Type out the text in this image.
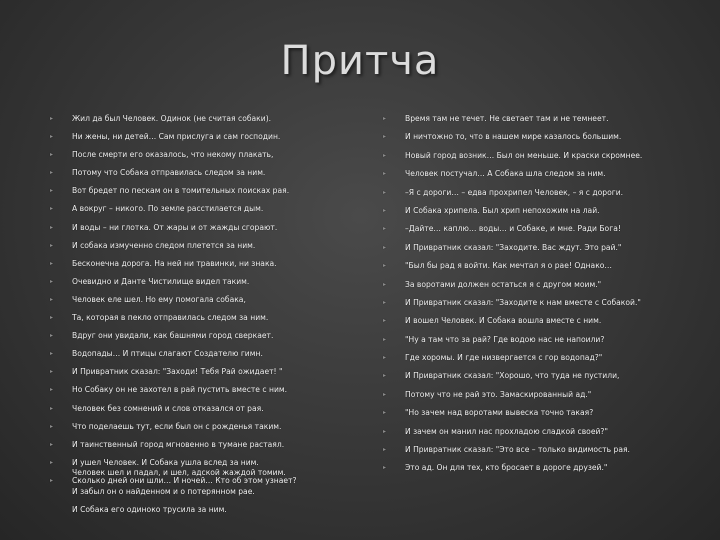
Притча
▸ Жил да был Человек. Одинок (не считая собаки).
▸ Ни жены, ни детей… Сам прислуга и сам господин.
▸ После смерти его оказалось, что некому плакать,
▸ Потому что Собака отправилась следом за ним.
▸ Вот бредет по пескам он в томительных поисках рая.
▸ А вокруг – никого. По земле расстилается дым.
▸ И воды – ни глотка. От жары и от жажды сгорают.
▸ И собака измученно следом плетется за ним.
▸ Бесконечна дорога. На ней ни травинки, ни знака.
▸ Очевидно и Данте Чистилище видел таким.
▸ Человек еле шел. Но ему помогала собака,
▸ Та, которая в пекло отправилась следом за ним.
▸ Вдруг они увидали, как башнями город сверкает.
▸ Водопады… И птицы слагают Создателю гимн.
▸ И Привратник сказал: "Заходи! Тебя Рай ожидает! "
▸ Но Собаку он не захотел в рай пустить вместе с ним.
▸ Человек без сомнений и слов отказался от рая.
▸ Что поделаешь тут, если был он с рожденья таким.
▸ И таинственный город мгновенно в тумане растаял.
▸ И ушел Человек. И Собака ушла вслед за ним.
▸ Сколько дней они шли… И ночей… Кто об этом узнает?
Человек шел и падал, и шел, адской жаждой томим.
И забыл он о найденном и о потерянном рае.
И Собака его одиноко трусила за ним.
▸ Время там не течет. Не светает там и не темнеет.
▸ И ничтожно то, что в нашем мире казалось большим.
▸ Новый город возник… Был он меньше. И краски скромнее.
▸ Человек постучал… А Собака шла следом за ним.
▸ –Я с дороги… – едва прохрипел Человек, – я с дороги.
▸ И Собака хрипела. Был хрип непохожим на лай.
▸ –Дайте… каплю… воды… и Собаке, и мне. Ради Бога!
▸ И Привратник сказал: "Заходите. Вас ждут. Это рай."
▸ "Был бы рад я войти. Как мечтал я о рае! Однако…
▸ За воротами должен остаться я с другом моим."
▸ И Привратник сказал: "Заходите к нам вместе с Собакой."
▸ И вошел Человек. И Собака вошла вместе с ним.
▸ "Ну а там что за рай? Где водою нас не напоили?
▸ Где хоромы. И где низвергается с гор водопад?"
▸ И Привратник сказал: "Хорошо, что туда не пустили,
▸ Потому что не рай это. Замаскированный ад."
▸ "Но зачем над воротами вывеска точно такая?
▸ И зачем он манил нас прохладою сладкой своей?"
▸ И Привратник сказал: "Это все – только видимость рая.
▸ Это ад. Он для тех, кто бросает в дороге друзей."
